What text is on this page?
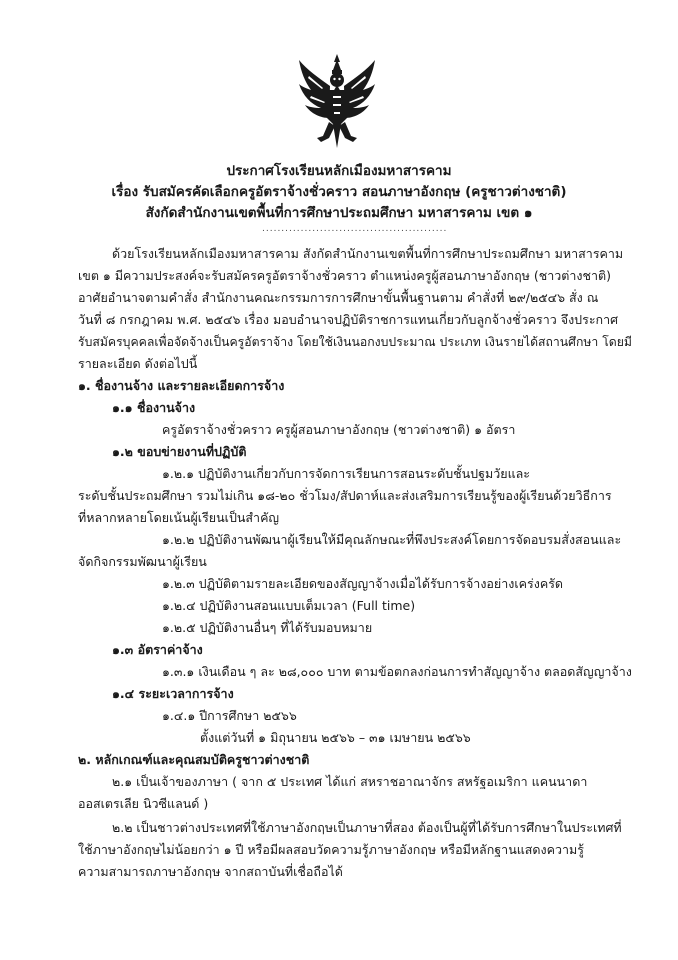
ประกาศโรงเรียนหลักเมืองมหาสารคาม
เรื่อง รับสมัครคัดเลือกครูอัตราจ้างชั่วคราว สอนภาษาอังกฤษ (ครูชาวต่างชาติ)
สังกัดสำนักงานเขตพื้นที่การศึกษาประถมศึกษา มหาสารคาม เขต ๑
................................................
ด้วยโรงเรียนหลักเมืองมหาสารคาม สังกัดสำนักงานเขตพื้นที่การศึกษาประถมศึกษา มหาสารคาม
เขต ๑ มีความประสงค์จะรับสมัครครูอัตราจ้างชั่วคราว ตำแหน่งครูผู้สอนภาษาอังกฤษ (ชาวต่างชาติ)
อาศัยอำนาจตามคำสั่ง สำนักงานคณะกรรมการการศึกษาขั้นพื้นฐานตาม คำสั่งที่ ๒๙/๒๕๔๖ สั่ง ณ
วันที่ ๘ กรกฎาคม พ.ศ. ๒๕๔๖ เรื่อง มอบอำนาจปฏิบัติราชการแทนเกี่ยวกับลูกจ้างชั่วคราว จึงประกาศ
รับสมัครบุคคลเพื่อจัดจ้างเป็นครูอัตราจ้าง โดยใช้เงินนอกงบประมาณ ประเภท เงินรายได้สถานศึกษา โดยมี
รายละเอียด ดังต่อไปนี้
๑. ชื่องานจ้าง และรายละเอียดการจ้าง
๑.๑ ชื่องานจ้าง
ครูอัตราจ้างชั่วคราว ครูผู้สอนภาษาอังกฤษ (ชาวต่างชาติ) ๑ อัตรา
๑.๒ ขอบข่ายงานที่ปฏิบัติ
๑.๒.๑ ปฏิบัติงานเกี่ยวกับการจัดการเรียนการสอนระดับชั้นปฐมวัยและ
ระดับชั้นประถมศึกษา รวมไม่เกิน ๑๘-๒๐ ชั่วโมง/สัปดาห์และส่งเสริมการเรียนรู้ของผู้เรียนด้วยวิธีการ
ที่หลากหลายโดยเน้นผู้เรียนเป็นสำคัญ
๑.๒.๒ ปฏิบัติงานพัฒนาผู้เรียนให้มีคุณลักษณะที่พึงประสงค์โดยการจัดอบรมสั่งสอนและ
จัดกิจกรรมพัฒนาผู้เรียน
๑.๒.๓ ปฏิบัติตามรายละเอียดของสัญญาจ้างเมื่อได้รับการจ้างอย่างเคร่งครัด
๑.๒.๔ ปฏิบัติงานสอนแบบเต็มเวลา (Full time)
๑.๒.๕ ปฏิบัติงานอื่นๆ ที่ได้รับมอบหมาย
๑.๓ อัตราค่าจ้าง
๑.๓.๑ เงินเดือน ๆ ละ ๒๘,๐๐๐ บาท ตามข้อตกลงก่อนการทำสัญญาจ้าง ตลอดสัญญาจ้าง
๑.๔ ระยะเวลาการจ้าง
๑.๔.๑ ปีการศึกษา ๒๕๖๖
ตั้งแต่วันที่ ๑ มิถุนายน ๒๕๖๖ – ๓๑ เมษายน ๒๕๖๖
๒. หลักเกณฑ์และคุณสมบัติครูชาวต่างชาติ
๒.๑ เป็นเจ้าของภาษา ( จาก ๕ ประเทศ ได้แก่ สหราชอาณาจักร สหรัฐอเมริกา แคนนาดา
ออสเตรเลีย นิวซีแลนด์ )
๒.๒ เป็นชาวต่างประเทศที่ใช้ภาษาอังกฤษเป็นภาษาที่สอง ต้องเป็นผู้ที่ได้รับการศึกษาในประเทศที่
ใช้ภาษาอังกฤษไม่น้อยกว่า ๑ ปี หรือมีผลสอบวัดความรู้ภาษาอังกฤษ หรือมีหลักฐานแสดงความรู้
ความสามารถภาษาอังกฤษ จากสถาบันที่เชื่อถือได้
